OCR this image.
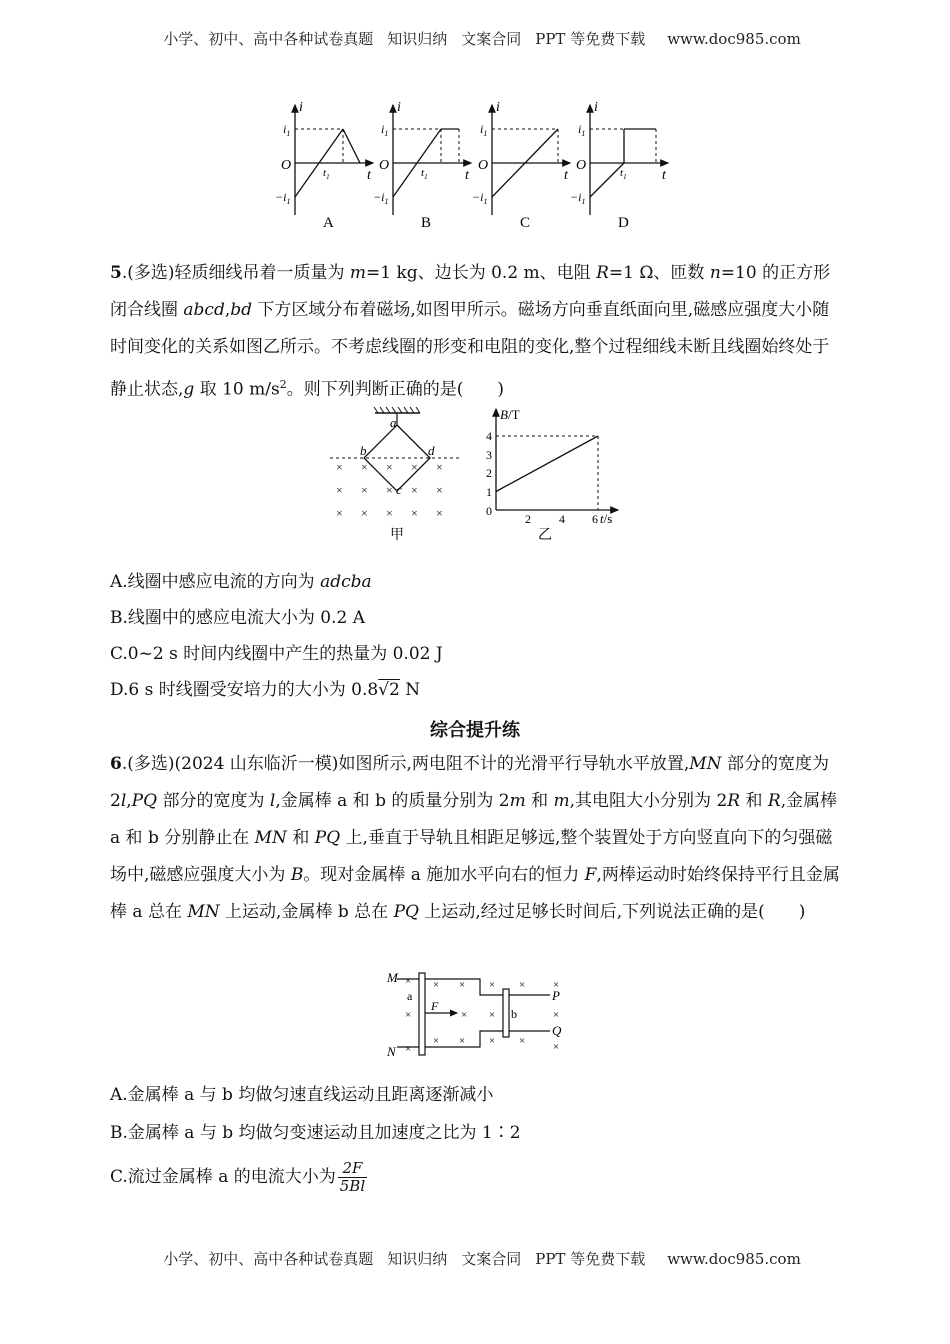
小学、初中、高中各种试卷真题 知识归纳 文案合同 PPT 等免费下载 www.doc985.com
i
t
O
$i_1$
$-i_1$
$t_1$
A
i
t
O
$i_1$
$-i_1$
$t_1$
B
i
t
O
$i_1$
$-i_1$
C
i
t
O
$i_1$
$-i_1$
$t_1$
D
5.(多选)轻质细线吊着一质量为 m=1 kg、边长为 0.2 m、电阻 R=1 Ω、匝数 n=10 的正方形闭合线圈 abcd,bd 下方区域分布着磁场,如图甲所示。磁场方向垂直纸面向里,磁感应强度大小随时间变化的关系如图乙所示。不考虑线圈的形变和电阻的变化,整个过程细线未断且线圈始终处于静止状态,g 取 10 $m/s^2$。则下列判断正确的是(　　)
a
b	d
c
× × × × ×
× × × × ×
× × × × ×
甲
B/T
1
2
3
4
0
2 4 6 t/s
乙
A.线圈中感应电流的方向为 adcba
B.线圈中的感应电流大小为 0.2 A
C.0~2 s 时间内线圈中产生的热量为 0.02 J
D.6 s 时线圈受安培力的大小为 0.8√2 N
综合提升练
6.(多选)(2024 山东临沂一模)如图所示,两电阻不计的光滑平行导轨水平放置,MN 部分的宽度为 2l,PQ 部分的宽度为 l,金属棒 a 和 b 的质量分别为 2m 和 m,其电阻大小分别为 2R 和 R,金属棒 a 和 b 分别静止在 MN 和 PQ 上,垂直于导轨且相距足够远,整个装置处于方向竖直向下的匀强磁场中,磁感应强度大小为 B。现对金属棒 a 施加水平向右的恒力 F,两棒运动时始终保持平行且金属棒 a 总在 MN 上运动,金属棒 b 总在 PQ 上运动,经过足够长时间后,下列说法正确的是(　　)
M
N
P
Q
a
b
F
× × × × ×	×
×	× ×	×
×
× × × ×	×
A.金属棒 a 与 b 均做匀速直线运动且距离逐渐减小
B.金属棒 a 与 b 均做匀变速运动且加速度之比为 1∶2
C.流过金属棒 a 的电流大小为 $\frac{2F}{5Bl}$
小学、初中、高中各种试卷真题 知识归纳 文案合同 PPT 等免费下载 www.doc985.com
